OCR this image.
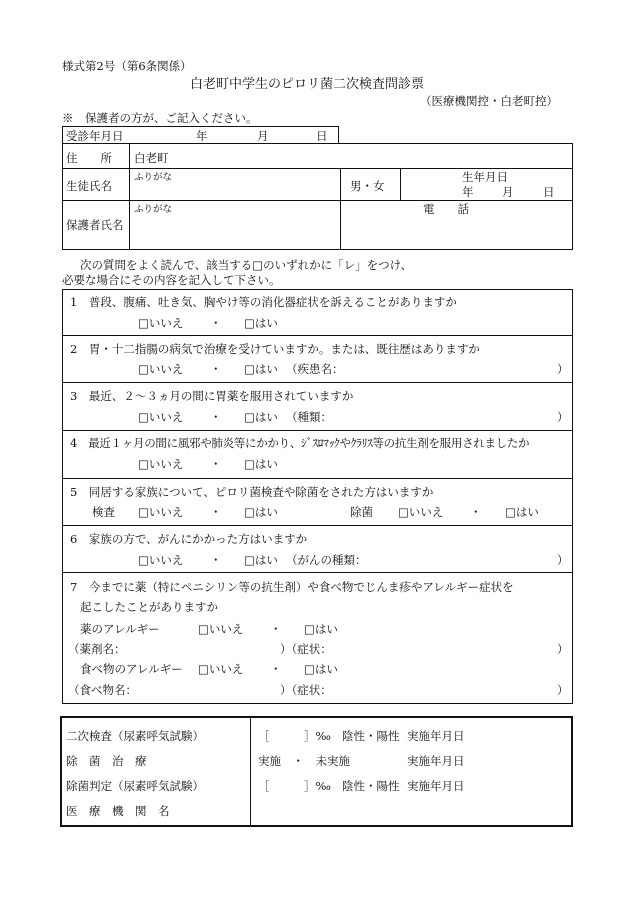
様式第2号（第6条関係）
白老町中学生のピロリ菌二次検査問診票
（医療機関控・白老町控）
※　保護者の方が、ご記入ください。
受診年月日	年	月	日
住　　所 白老町
ふりがな
生徒氏名	男・女
生年月日
年 月	日
ふりがな
保護者氏名
電　　話
次の質問をよく読んで、該当する□のいずれかに「レ」をつけ、
必要な場合にその内容を記入して下さい。
1　普段、腹痛、吐き気、胸やけ等の消化器症状を訴えることがありますか
□いいえ ・ □はい
2　胃・十二指腸の病気で治療を受けていますか。または、既往歴はありますか
□いいえ ・ □はい （疾患名：	）
3　最近、２～３ヵ月の間に胃薬を服用されていますか
□いいえ ・ □はい （種類：	）
4　最近１ヶ月の間に風邪や肺炎等にかかり、ｼﾞｽﾛﾏｯｸやｸﾗﾘｽ等の抗生剤を服用されましたか
□いいえ ・ □はい
5　同居する家族について、ピロリ菌検査や除菌をされた方はいますか
検査 □いいえ ・ □はい	除菌 □いいえ ・ □はい
6　家族の方で、がんにかかった方はいますか
□いいえ ・ □はい （がんの種類：	）
7　今までに薬（特にペニシリン等の抗生剤）や食べ物でじんま疹やアレルギー症状を
起こしたことがありますか
薬のアレルギー	□いいえ ・ □はい
（薬剤名：	）（症状：	）
食べ物のアレルギー □いいえ ・ □はい
（食べ物名：	）（症状：	）
二次検査（尿素呼気試験）	［　　　］‰ 陰性・陽性 実施年月日
除　菌　治　療	実施　・　未実施	実施年月日
除菌判定（尿素呼気試験）	［　　　］‰ 陰性・陽性 実施年月日
医　療　機　関　名
